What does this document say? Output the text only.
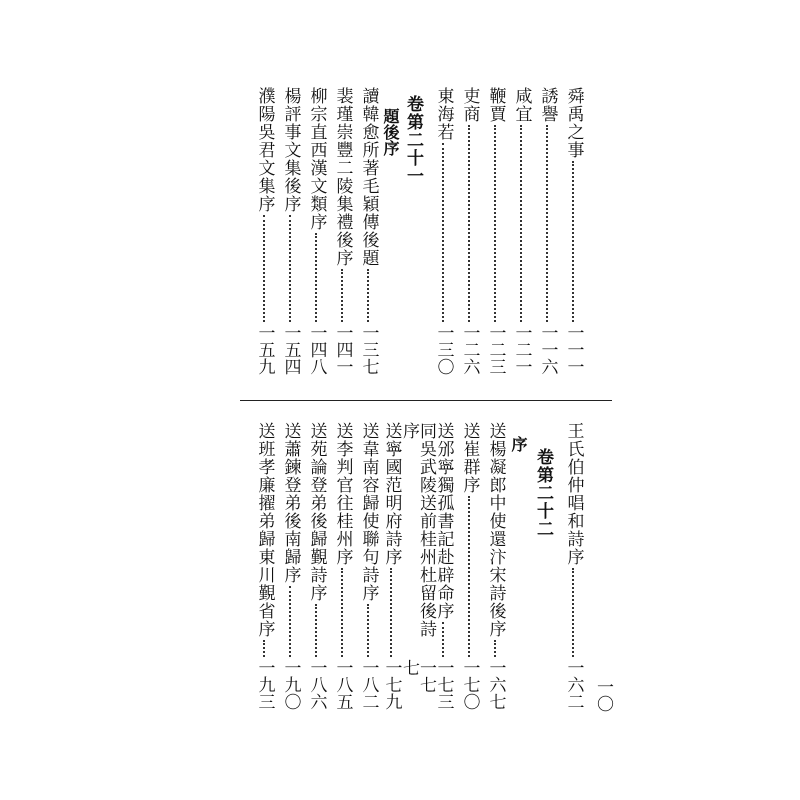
舜禹之事
一一一
誘譽
一一六
咸宜
一二一
鞭賈
一二三
吏商
一二六
東海若
一三〇
卷第二十一
題後序
讀韓愈所著毛穎傳後題
一三七
裴瑾崇豐二陵集禮後序
一四一
柳宗直西漢文類序
一四八
楊評事文集後序
一五四
濮陽吳君文集序
一五九
王氏伯仲唱和詩序
一六二
卷第二十二
序
送楊凝郎中使還汴宋詩後序
一六七
送崔群序
一七〇
送邠寧獨孤書記赴辟命序
一七三
同吳武陵送前桂州杜留後詩序
一七七
送寧國范明府詩序
一七九
送韋南容歸使聯句詩序
一八二
送李判官往桂州序
一八五
送苑論登弟後歸覲詩序
一八六
送蕭鍊登弟後南歸序
一九〇
送班孝廉擢弟歸東川覲省序
一九三	一〇
